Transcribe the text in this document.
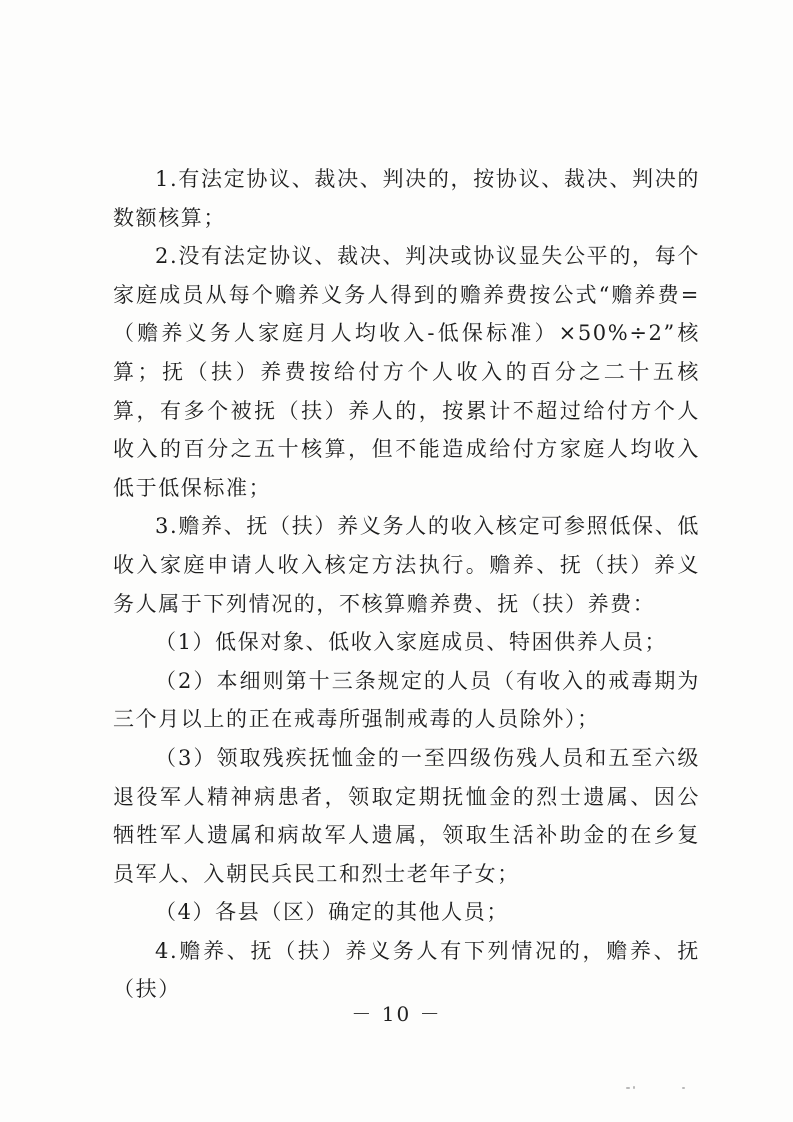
1.有法定协议、裁决、判决的，按协议、裁决、判决的数额核算；

2.没有法定协议、裁决、判决或协议显失公平的，每个家庭成员从每个赡养义务人得到的赡养费按公式“赡养费=（赡养义务人家庭月人均收入-低保标准）×50%÷2”核算；抚（扶）养费按给付方个人收入的百分之二十五核算，有多个被抚（扶）养人的，按累计不超过给付方个人收入的百分之五十核算，但不能造成给付方家庭人均收入低于低保标准；

3.赡养、抚（扶）养义务人的收入核定可参照低保、低收入家庭申请人收入核定方法执行。赡养、抚（扶）养义务人属于下列情况的，不核算赡养费、抚（扶）养费：

（1）低保对象、低收入家庭成员、特困供养人员；

（2）本细则第十三条规定的人员（有收入的戒毒期为三个月以上的正在戒毒所强制戒毒的人员除外）；

（3）领取残疾抚恤金的一至四级伤残人员和五至六级退役军人精神病患者，领取定期抚恤金的烈士遗属、因公牺牲军人遗属和病故军人遗属，领取生活补助金的在乡复员军人、入朝民兵民工和烈士老年子女；

（4）各县（区）确定的其他人员；

4.赡养、抚（扶）养义务人有下列情况的，赡养、抚（扶）

－ 10 －
